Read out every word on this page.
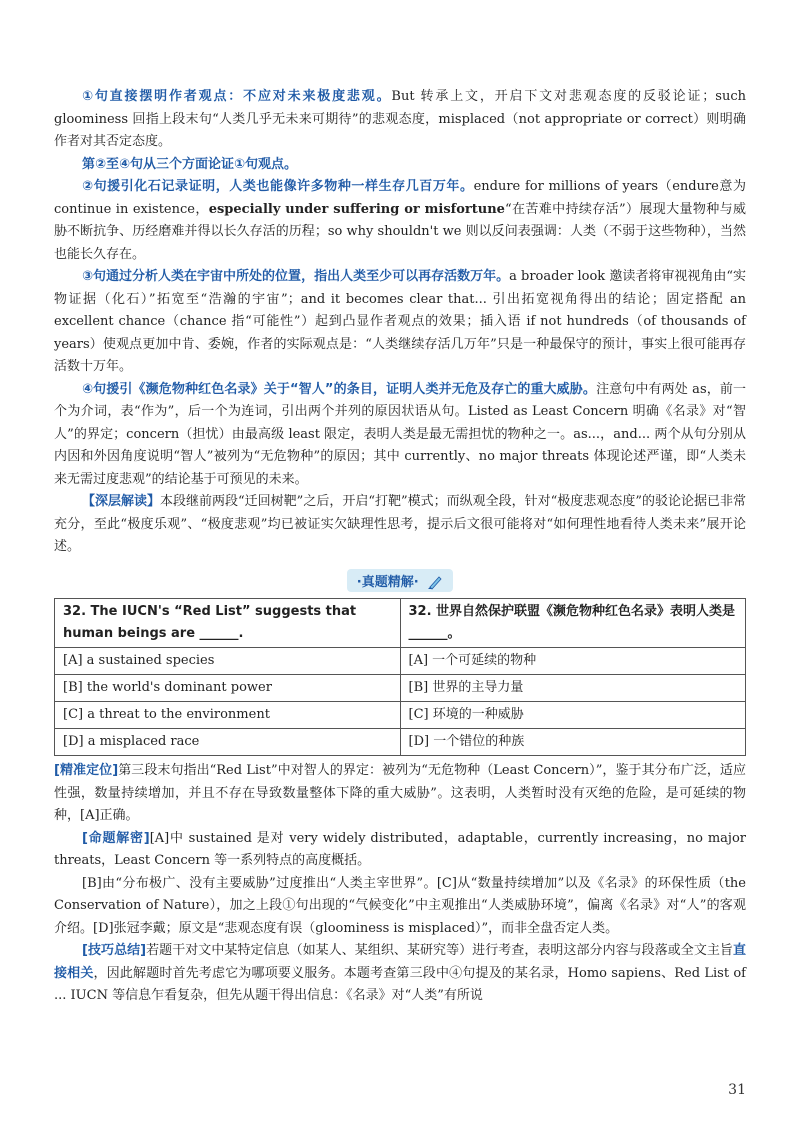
①句直接摆明作者观点：不应对未来极度悲观。But 转承上文，开启下文对悲观态度的反驳论证；such gloominess 回指上段末句“人类几乎无未来可期待”的悲观态度，misplaced（not appropriate or correct）则明确作者对其否定态度。

第②至④句从三个方面论证①句观点。

②句援引化石记录证明，人类也能像许多物种一样生存几百万年。endure for millions of years（endure意为 continue in existence，especially under suffering or misfortune“在苦难中持续存活”）展现大量物种与威胁不断抗争、历经磨难并得以长久存活的历程；so why shouldn't we 则以反问表强调：人类（不弱于这些物种），当然也能长久存在。

③句通过分析人类在宇宙中所处的位置，指出人类至少可以再存活数万年。a broader look 邀读者将审视视角由“实物证据（化石）”拓宽至“浩瀚的宇宙”；and it becomes clear that... 引出拓宽视角得出的结论；固定搭配 an excellent chance（chance 指“可能性”）起到凸显作者观点的效果；插入语 if not hundreds（of thousands of years）使观点更加中肯、委婉，作者的实际观点是：“人类继续存活几万年”只是一种最保守的预计，事实上很可能再存活数十万年。

④句援引《濒危物种红色名录》关于“智人”的条目，证明人类并无危及存亡的重大威胁。注意句中有两处 as，前一个为介词，表“作为”，后一个为连词，引出两个并列的原因状语从句。Listed as Least Concern 明确《名录》对“智人”的界定；concern（担忧）由最高级 least 限定，表明人类是最无需担忧的物种之一。as...，and... 两个从句分别从内因和外因角度说明“智人”被列为“无危物种”的原因；其中 currently、no major threats 体现论述严谨，即“人类未来无需过度悲观”的结论基于可预见的未来。

【深层解读】本段继前两段“迁回树靶”之后，开启“打靶”模式；而纵观全段，针对“极度悲观态度”的驳论论据已非常充分，至此“极度乐观”、“极度悲观”均已被证实欠缺理性思考，提示后文很可能将对“如何理性地看待人类未来”展开论述。

·真题精解·
32. The IUCN's “Red List” suggests that human beings are ______.	32. 世界自然保护联盟《濒危物种红色名录》表明人类是______。
[A] a sustained species	[A] 一个可延续的物种
[B] the world's dominant power	[B] 世界的主导力量
[C] a threat to the environment	[C] 环境的一种威胁
[D] a misplaced race	[D] 一个错位的种族

[精准定位]第三段末句指出“Red List”中对智人的界定：被列为“无危物种（Least Concern）”，鉴于其分布广泛，适应性强，数量持续增加，并且不存在导致数量整体下降的重大威胁”。这表明，人类暂时没有灭绝的危险，是可延续的物种，[A]正确。

[命题解密][A]中 sustained 是对 very widely distributed，adaptable，currently increasing，no major threats，Least Concern 等一系列特点的高度概括。

[B]由“分布极广、没有主要威胁”过度推出“人类主宰世界”。[C]从“数量持续增加”以及《名录》的环保性质（the Conservation of Nature），加之上段①句出现的“气候变化”中主观推出“人类威胁环境”，偏离《名录》对“人”的客观介绍。[D]张冠李戴；原文是“悲观态度有误（gloominess is misplaced）”，而非全盘否定人类。

[技巧总结]若题干对文中某特定信息（如某人、某组织、某研究等）进行考查，表明这部分内容与段落或全文主旨直接相关，因此解题时首先考虑它为哪项要义服务。本题考查第三段中④句提及的某名录，Homo sapiens、Red List of ... IUCN 等信息乍看复杂，但先从题干得出信息：《名录》对“人类”有所说

31
